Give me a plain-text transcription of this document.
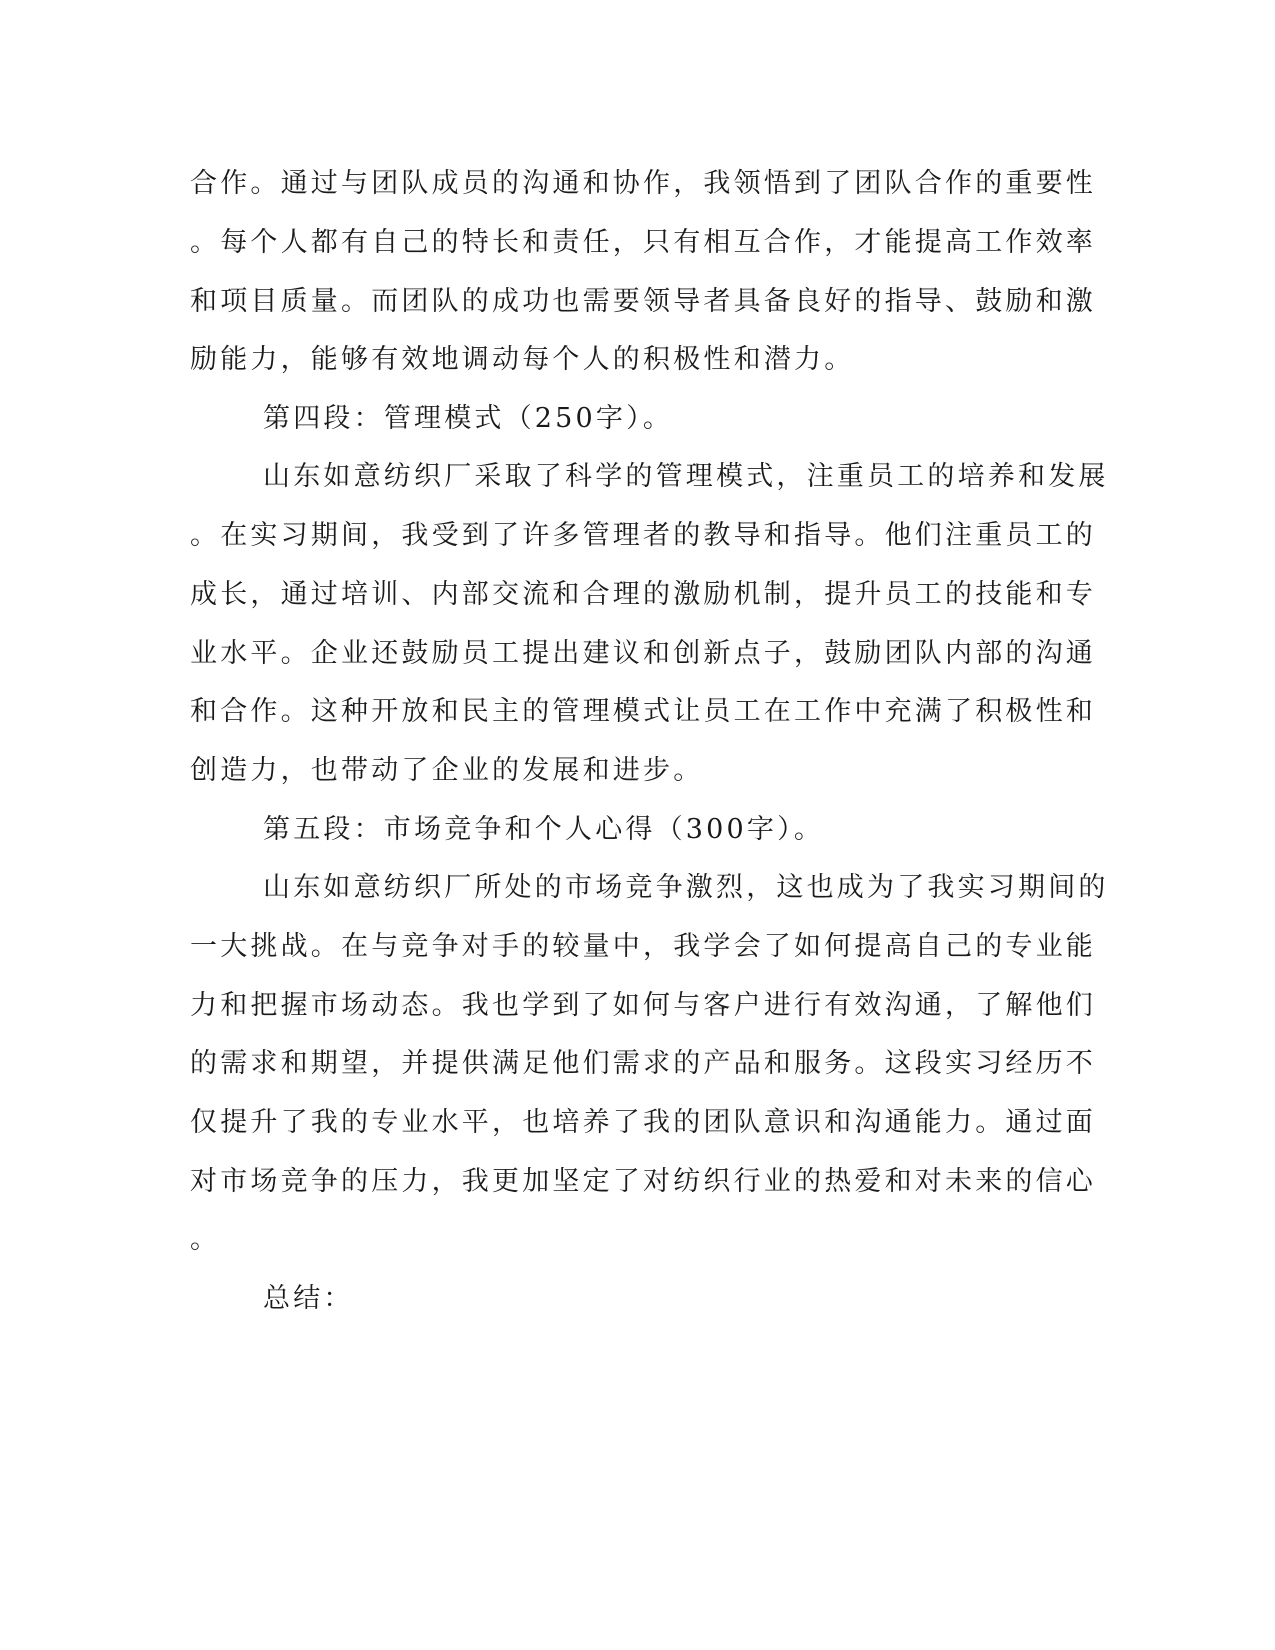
合作。通过与团队成员的沟通和协作，我领悟到了团队合作的重要性
。每个人都有自己的特长和责任，只有相互合作，才能提高工作效率
和项目质量。而团队的成功也需要领导者具备良好的指导、鼓励和激
励能力，能够有效地调动每个人的积极性和潜力。
第四段：管理模式（250字）。
山东如意纺织厂采取了科学的管理模式，注重员工的培养和发展
。在实习期间，我受到了许多管理者的教导和指导。他们注重员工的
成长，通过培训、内部交流和合理的激励机制，提升员工的技能和专
业水平。企业还鼓励员工提出建议和创新点子，鼓励团队内部的沟通
和合作。这种开放和民主的管理模式让员工在工作中充满了积极性和
创造力，也带动了企业的发展和进步。
第五段：市场竞争和个人心得（300字）。
山东如意纺织厂所处的市场竞争激烈，这也成为了我实习期间的
一大挑战。在与竞争对手的较量中，我学会了如何提高自己的专业能
力和把握市场动态。我也学到了如何与客户进行有效沟通，了解他们
的需求和期望，并提供满足他们需求的产品和服务。这段实习经历不
仅提升了我的专业水平，也培养了我的团队意识和沟通能力。通过面
对市场竞争的压力，我更加坚定了对纺织行业的热爱和对未来的信心
。
总结：
